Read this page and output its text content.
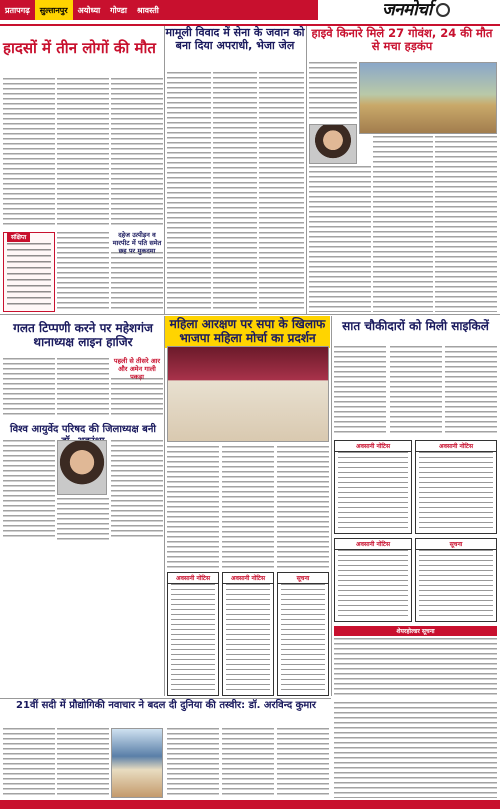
प्रतापगढ़	सुल्तानपुर	अयोध्या	गोण्डा	श्रावस्ती	जनमोर्चा
हादसों में तीन लोगों की मौत
संक्षिप्त	दहेज उत्पीड़न व मारपीट में पति समेत छह पर मुकदमा
मामूली विवाद में सेना के जवान को बना दिया अपराधी, भेजा जेल
हाइवे किनारे मिले 27 गोवंश, 24 की मौत से मचा हड़कंप
गलत टिप्पणी करने पर महेशगंज थानाध्यक्ष लाइन हाजिर
महिला आरक्षण पर सपा के खिलाफ भाजपा महिला मोर्चा का प्रदर्शन
सात चौकीदारों को मिली साइकिलें
पहली से तीसरे आर और अमेन गाली पकड़ा
विश्व आयुर्वेद परिषद की जिलाध्यक्ष बनी
अवसानी नोटिस	अवसानी नोटिस	सूचना
अवसानी नोटिस	अवसानी नोटिस
अवसानी नोटिस	सूचना
शेयरहोल्डर सूचना
21वीं सदी में प्रौद्योगिकी नवाचार ने बदल दी दुनिया की तस्वीर: डॉ. अरविन्द कुमार
